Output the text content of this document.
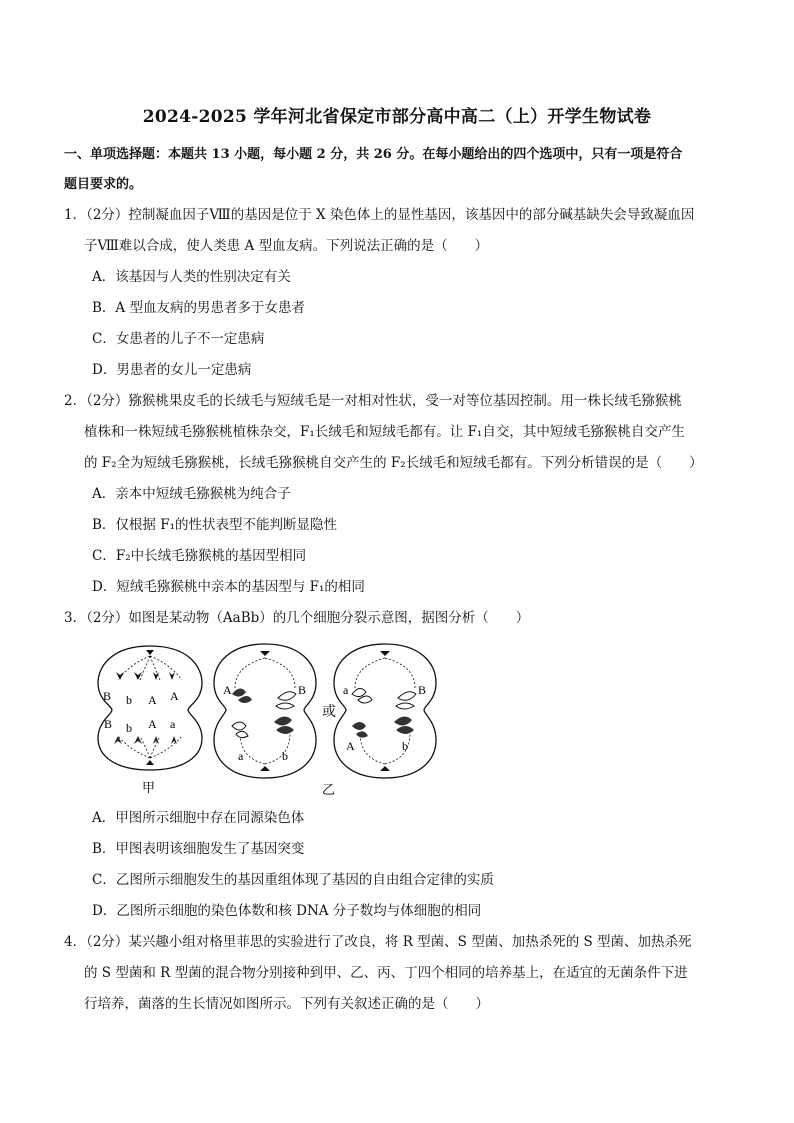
2024-2025 学年河北省保定市部分高中高二（上）开学生物试卷
一、单项选择题：本题共 13 小题，每小题 2 分，共 26 分。在每小题给出的四个选项中，只有一项是符合
题目要求的。
1．（2分）控制凝血因子Ⅷ的基因是位于 X 染色体上的显性基因，该基因中的部分碱基缺失会导致凝血因
子Ⅷ难以合成，使人类患 A 型血友病。下列说法正确的是（　　）
A．该基因与人类的性别决定有关
B．A 型血友病的男患者多于女患者
C．女患者的儿子不一定患病
D．男患者的女儿一定患病
2．（2分）猕猴桃果皮毛的长绒毛与短绒毛是一对相对性状，受一对等位基因控制。用一株长绒毛猕猴桃
植株和一株短绒毛猕猴桃植株杂交，F₁长绒毛和短绒毛都有。让 F₁自交，其中短绒毛猕猴桃自交产生
的 F₂全为短绒毛猕猴桃，长绒毛猕猴桃自交产生的 F₂长绒毛和短绒毛都有。下列分析错误的是（　　）
A．亲本中短绒毛猕猴桃为纯合子
B．仅根据 F₁的性状表型不能判断显隐性
C．F₂中长绒毛猕猴桃的基因型相同
D．短绒毛猕猴桃中亲本的基因型与 F₁的相同
3．（2分）如图是某动物（AaBb）的几个细胞分裂示意图，据图分析（　　）
B b A A
B b A a
甲
A	B
a	b
或
乙
a	B
A	b
A．甲图所示细胞中存在同源染色体
B．甲图表明该细胞发生了基因突变
C．乙图所示细胞发生的基因重组体现了基因的自由组合定律的实质
D．乙图所示细胞的染色体数和核 DNA 分子数均与体细胞的相同
4．（2分）某兴趣小组对格里菲思的实验进行了改良，将 R 型菌、S 型菌、加热杀死的 S 型菌、加热杀死
的 S 型菌和 R 型菌的混合物分别接种到甲、乙、丙、丁四个相同的培养基上，在适宜的无菌条件下进
行培养，菌落的生长情况如图所示。下列有关叙述正确的是（　　）
